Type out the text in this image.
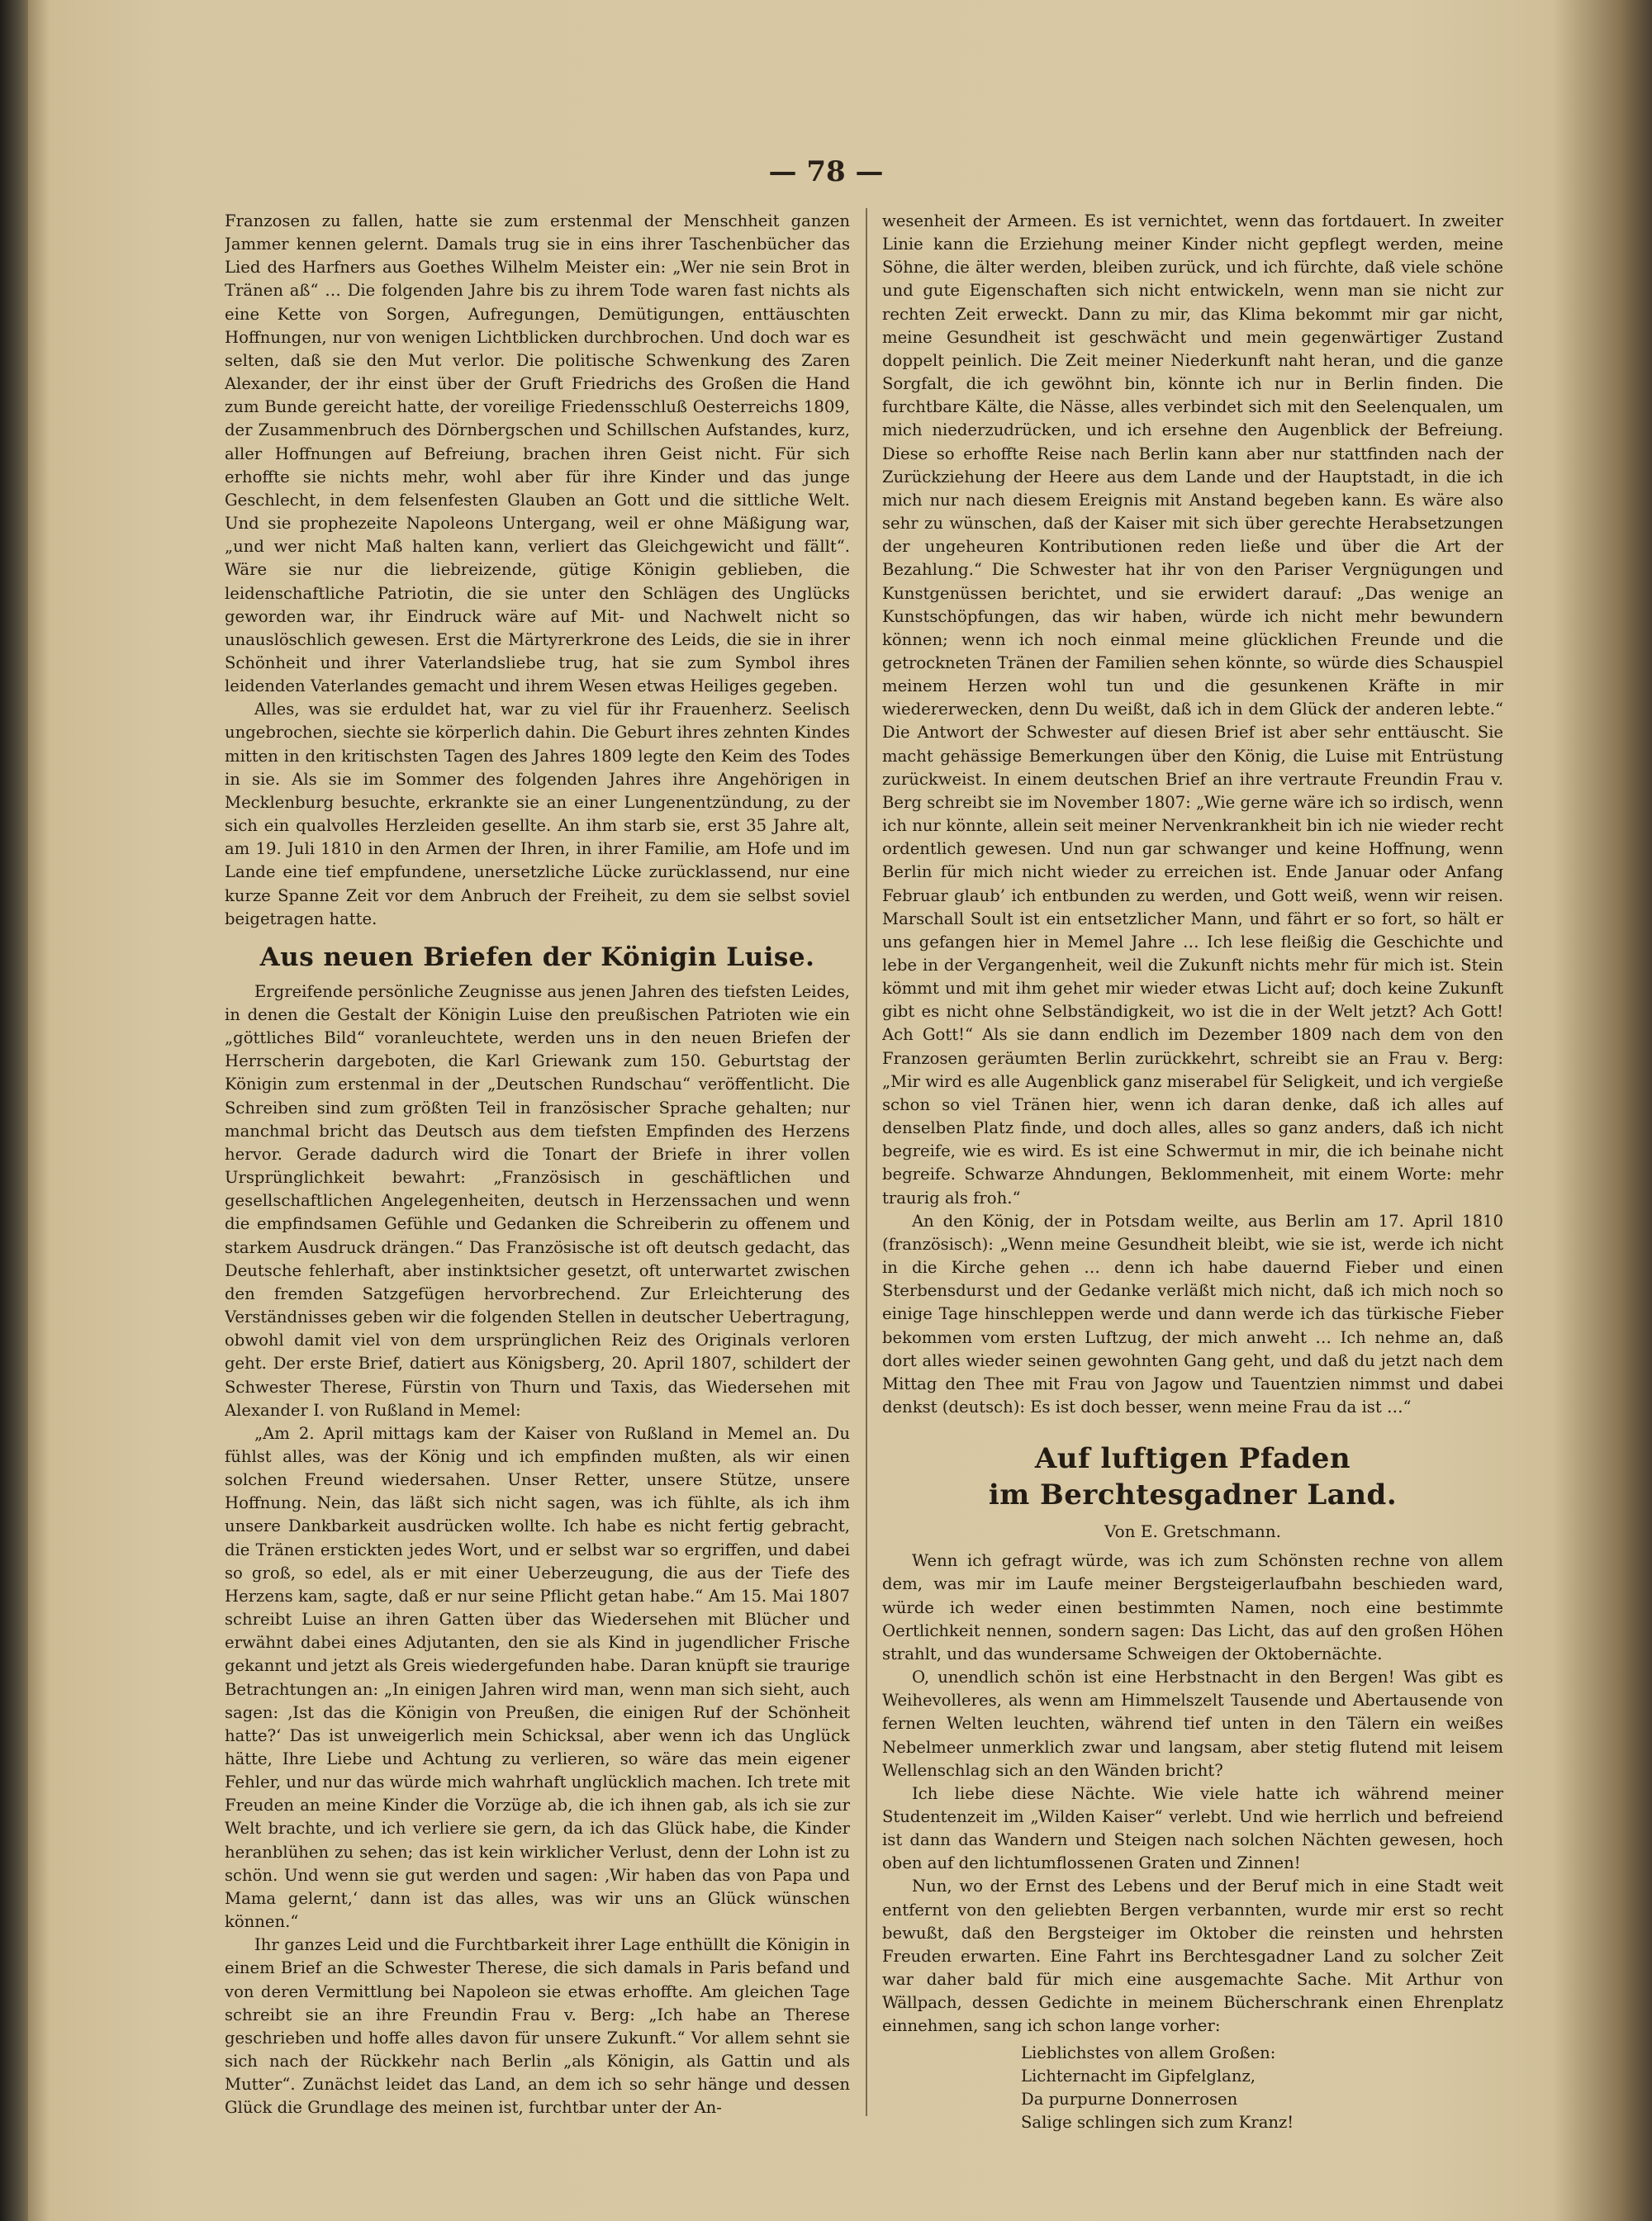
— 78 —

Franzosen zu fallen, hatte sie zum erstenmal der Menschheit ganzen Jammer kennen gelernt. Damals trug sie in eins ihrer Taschenbücher das Lied des Harfners aus Goethes Wilhelm Meister ein: „Wer nie sein Brot in Tränen aß“ … Die folgenden Jahre bis zu ihrem Tode waren fast nichts als eine Kette von Sorgen, Aufregungen, Demütigungen, enttäuschten Hoffnungen, nur von wenigen Lichtblicken durchbrochen. Und doch war es selten, daß sie den Mut verlor. Die politische Schwenkung des Zaren Alexander, der ihr einst über der Gruft Friedrichs des Großen die Hand zum Bunde gereicht hatte, der voreilige Friedensschluß Oesterreichs 1809, der Zusammenbruch des Dörnbergschen und Schillschen Aufstandes, kurz, aller Hoffnungen auf Befreiung, brachen ihren Geist nicht. Für sich erhoffte sie nichts mehr, wohl aber für ihre Kinder und das junge Geschlecht, in dem felsenfesten Glauben an Gott und die sittliche Welt. Und sie prophezeite Napoleons Untergang, weil er ohne Mäßigung war, „und wer nicht Maß halten kann, verliert das Gleichgewicht und fällt“. Wäre sie nur die liebreizende, gütige Königin geblieben, die leidenschaftliche Patriotin, die sie unter den Schlägen des Unglücks geworden war, ihr Eindruck wäre auf Mit- und Nachwelt nicht so unauslöschlich gewesen. Erst die Märtyrerkrone des Leids, die sie in ihrer Schönheit und ihrer Vaterlandsliebe trug, hat sie zum Symbol ihres leidenden Vaterlandes gemacht und ihrem Wesen etwas Heiliges gegeben.

Alles, was sie erduldet hat, war zu viel für ihr Frauenherz. Seelisch ungebrochen, siechte sie körperlich dahin. Die Geburt ihres zehnten Kindes mitten in den kritischsten Tagen des Jahres 1809 legte den Keim des Todes in sie. Als sie im Sommer des folgenden Jahres ihre Angehörigen in Mecklenburg besuchte, erkrankte sie an einer Lungenentzündung, zu der sich ein qualvolles Herzleiden gesellte. An ihm starb sie, erst 35 Jahre alt, am 19. Juli 1810 in den Armen der Ihren, in ihrer Familie, am Hofe und im Lande eine tief empfundene, unersetzliche Lücke zurücklassend, nur eine kurze Spanne Zeit vor dem Anbruch der Freiheit, zu dem sie selbst soviel beigetragen hatte.

Aus neuen Briefen der Königin Luise.

Ergreifende persönliche Zeugnisse aus jenen Jahren des tiefsten Leides, in denen die Gestalt der Königin Luise den preußischen Patrioten wie ein „göttliches Bild“ voranleuchtete, werden uns in den neuen Briefen der Herrscherin dargeboten, die Karl Griewank zum 150. Geburtstag der Königin zum erstenmal in der „Deutschen Rundschau“ veröffentlicht. Die Schreiben sind zum größten Teil in französischer Sprache gehalten; nur manchmal bricht das Deutsch aus dem tiefsten Empfinden des Herzens hervor. Gerade dadurch wird die Tonart der Briefe in ihrer vollen Ursprünglichkeit bewahrt: „Französisch in geschäftlichen und gesellschaftlichen Angelegenheiten, deutsch in Herzenssachen und wenn die empfindsamen Gefühle und Gedanken die Schreiberin zu offenem und starkem Ausdruck drängen.“ Das Französische ist oft deutsch gedacht, das Deutsche fehlerhaft, aber instinktsicher gesetzt, oft unterwartet zwischen den fremden Satzgefügen hervorbrechend. Zur Erleichterung des Verständnisses geben wir die folgenden Stellen in deutscher Uebertragung, obwohl damit viel von dem ursprünglichen Reiz des Originals verloren geht. Der erste Brief, datiert aus Königsberg, 20. April 1807, schildert der Schwester Therese, Fürstin von Thurn und Taxis, das Wiedersehen mit Alexander I. von Rußland in Memel:

„Am 2. April mittags kam der Kaiser von Rußland in Memel an. Du fühlst alles, was der König und ich empfinden mußten, als wir einen solchen Freund wiedersahen. Unser Retter, unsere Stütze, unsere Hoffnung. Nein, das läßt sich nicht sagen, was ich fühlte, als ich ihm unsere Dankbarkeit ausdrücken wollte. Ich habe es nicht fertig gebracht, die Tränen erstickten jedes Wort, und er selbst war so ergriffen, und dabei so groß, so edel, als er mit einer Ueberzeugung, die aus der Tiefe des Herzens kam, sagte, daß er nur seine Pflicht getan habe.“ Am 15. Mai 1807 schreibt Luise an ihren Gatten über das Wiedersehen mit Blücher und erwähnt dabei eines Adjutanten, den sie als Kind in jugendlicher Frische gekannt und jetzt als Greis wiedergefunden habe. Daran knüpft sie traurige Betrachtungen an: „In einigen Jahren wird man, wenn man sich sieht, auch sagen: ‚Ist das die Königin von Preußen, die einigen Ruf der Schönheit hatte?‘ Das ist unweigerlich mein Schicksal, aber wenn ich das Unglück hätte, Ihre Liebe und Achtung zu verlieren, so wäre das mein eigener Fehler, und nur das würde mich wahrhaft unglücklich machen. Ich trete mit Freuden an meine Kinder die Vorzüge ab, die ich ihnen gab, als ich sie zur Welt brachte, und ich verliere sie gern, da ich das Glück habe, die Kinder heranblühen zu sehen; das ist kein wirklicher Verlust, denn der Lohn ist zu schön. Und wenn sie gut werden und sagen: ‚Wir haben das von Papa und Mama gelernt,‘ dann ist das alles, was wir uns an Glück wünschen können.“

Ihr ganzes Leid und die Furchtbarkeit ihrer Lage enthüllt die Königin in einem Brief an die Schwester Therese, die sich damals in Paris befand und von deren Vermittlung bei Napoleon sie etwas erhoffte. Am gleichen Tage schreibt sie an ihre Freundin Frau v. Berg: „Ich habe an Therese geschrieben und hoffe alles davon für unsere Zukunft.“ Vor allem sehnt sie sich nach der Rückkehr nach Berlin „als Königin, als Gattin und als Mutter“. Zunächst leidet das Land, an dem ich so sehr hänge und dessen Glück die Grundlage des meinen ist, furchtbar unter der An-

wesenheit der Armeen. Es ist vernichtet, wenn das fortdauert. In zweiter Linie kann die Erziehung meiner Kinder nicht gepflegt werden, meine Söhne, die älter werden, bleiben zurück, und ich fürchte, daß viele schöne und gute Eigenschaften sich nicht entwickeln, wenn man sie nicht zur rechten Zeit erweckt. Dann zu mir, das Klima bekommt mir gar nicht, meine Gesundheit ist geschwächt und mein gegenwärtiger Zustand doppelt peinlich. Die Zeit meiner Niederkunft naht heran, und die ganze Sorgfalt, die ich gewöhnt bin, könnte ich nur in Berlin finden. Die furchtbare Kälte, die Nässe, alles verbindet sich mit den Seelenqualen, um mich niederzudrücken, und ich ersehne den Augenblick der Befreiung. Diese so erhoffte Reise nach Berlin kann aber nur stattfinden nach der Zurückziehung der Heere aus dem Lande und der Hauptstadt, in die ich mich nur nach diesem Ereignis mit Anstand begeben kann. Es wäre also sehr zu wünschen, daß der Kaiser mit sich über gerechte Herabsetzungen der ungeheuren Kontributionen reden ließe und über die Art der Bezahlung.“ Die Schwester hat ihr von den Pariser Vergnügungen und Kunstgenüssen berichtet, und sie erwidert darauf: „Das wenige an Kunstschöpfungen, das wir haben, würde ich nicht mehr bewundern können; wenn ich noch einmal meine glücklichen Freunde und die getrockneten Tränen der Familien sehen könnte, so würde dies Schauspiel meinem Herzen wohl tun und die gesunkenen Kräfte in mir wiedererwecken, denn Du weißt, daß ich in dem Glück der anderen lebte.“ Die Antwort der Schwester auf diesen Brief ist aber sehr enttäuscht. Sie macht gehässige Bemerkungen über den König, die Luise mit Entrüstung zurückweist. In einem deutschen Brief an ihre vertraute Freundin Frau v. Berg schreibt sie im November 1807: „Wie gerne wäre ich so irdisch, wenn ich nur könnte, allein seit meiner Nervenkrankheit bin ich nie wieder recht ordentlich gewesen. Und nun gar schwanger und keine Hoffnung, wenn Berlin für mich nicht wieder zu erreichen ist. Ende Januar oder Anfang Februar glaub’ ich entbunden zu werden, und Gott weiß, wenn wir reisen. Marschall Soult ist ein entsetzlicher Mann, und fährt er so fort, so hält er uns gefangen hier in Memel Jahre … Ich lese fleißig die Geschichte und lebe in der Vergangenheit, weil die Zukunft nichts mehr für mich ist. Stein kömmt und mit ihm gehet mir wieder etwas Licht auf; doch keine Zukunft gibt es nicht ohne Selbständigkeit, wo ist die in der Welt jetzt? Ach Gott! Ach Gott!“ Als sie dann endlich im Dezember 1809 nach dem von den Franzosen geräumten Berlin zurückkehrt, schreibt sie an Frau v. Berg: „Mir wird es alle Augenblick ganz miserabel für Seligkeit, und ich vergieße schon so viel Tränen hier, wenn ich daran denke, daß ich alles auf denselben Platz finde, und doch alles, alles so ganz anders, daß ich nicht begreife, wie es wird. Es ist eine Schwermut in mir, die ich beinahe nicht begreife. Schwarze Ahndungen, Beklommenheit, mit einem Worte: mehr traurig als froh.“

An den König, der in Potsdam weilte, aus Berlin am 17. April 1810 (französisch): „Wenn meine Gesundheit bleibt, wie sie ist, werde ich nicht in die Kirche gehen … denn ich habe dauernd Fieber und einen Sterbensdurst und der Gedanke verläßt mich nicht, daß ich mich noch so einige Tage hinschleppen werde und dann werde ich das türkische Fieber bekommen vom ersten Luftzug, der mich anweht … Ich nehme an, daß dort alles wieder seinen gewohnten Gang geht, und daß du jetzt nach dem Mittag den Thee mit Frau von Jagow und Tauentzien nimmst und dabei denkst (deutsch): Es ist doch besser, wenn meine Frau da ist …“

Auf luftigen Pfaden
im Berchtesgadner Land.

Von E. Gretschmann.

Wenn ich gefragt würde, was ich zum Schönsten rechne von allem dem, was mir im Laufe meiner Bergsteigerlaufbahn beschieden ward, würde ich weder einen bestimmten Namen, noch eine bestimmte Oertlichkeit nennen, sondern sagen: Das Licht, das auf den großen Höhen strahlt, und das wundersame Schweigen der Oktobernächte.

O, unendlich schön ist eine Herbstnacht in den Bergen! Was gibt es Weihevolleres, als wenn am Himmelszelt Tausende und Abertausende von fernen Welten leuchten, während tief unten in den Tälern ein weißes Nebelmeer unmerklich zwar und langsam, aber stetig flutend mit leisem Wellenschlag sich an den Wänden bricht?

Ich liebe diese Nächte. Wie viele hatte ich während meiner Studentenzeit im „Wilden Kaiser“ verlebt. Und wie herrlich und befreiend ist dann das Wandern und Steigen nach solchen Nächten gewesen, hoch oben auf den lichtumflossenen Graten und Zinnen!

Nun, wo der Ernst des Lebens und der Beruf mich in eine Stadt weit entfernt von den geliebten Bergen verbannten, wurde mir erst so recht bewußt, daß den Bergsteiger im Oktober die reinsten und hehrsten Freuden erwarten. Eine Fahrt ins Berchtesgadner Land zu solcher Zeit war daher bald für mich eine ausgemachte Sache. Mit Arthur von Wällpach, dessen Gedichte in meinem Bücherschrank einen Ehrenplatz einnehmen, sang ich schon lange vorher:

Lieblichstes von allem Großen:
Lichternacht im Gipfelglanz,
Da purpurne Donnerrosen
Salige schlingen sich zum Kranz!
